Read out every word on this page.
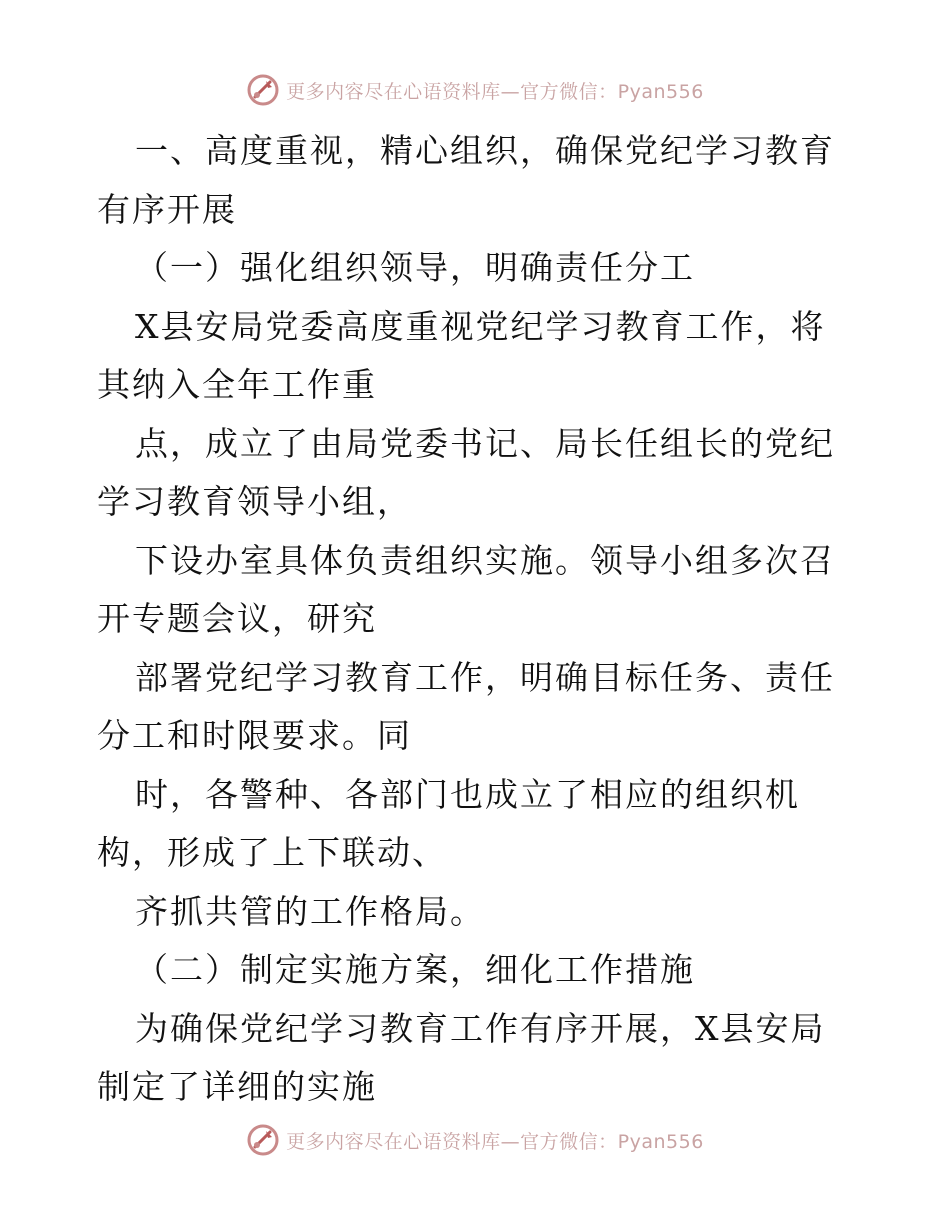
更多内容尽在心语资料库—官方微信：Pyan556

一、高度重视，精心组织，确保党纪学习教育有序开展

（一）强化组织领导，明确责任分工

X县安局党委高度重视党纪学习教育工作，将其纳入全年工作重

点，成立了由局党委书记、局长任组长的党纪学习教育领导小组，

下设办室具体负责组织实施。领导小组多次召开专题会议，研究

部署党纪学习教育工作，明确目标任务、责任分工和时限要求。同

时，各警种、各部门也成立了相应的组织机构，形成了上下联动、

齐抓共管的工作格局。

（二）制定实施方案，细化工作措施

为确保党纪学习教育工作有序开展，X县安局制定了详细的实施

更多内容尽在心语资料库—官方微信：Pyan556
